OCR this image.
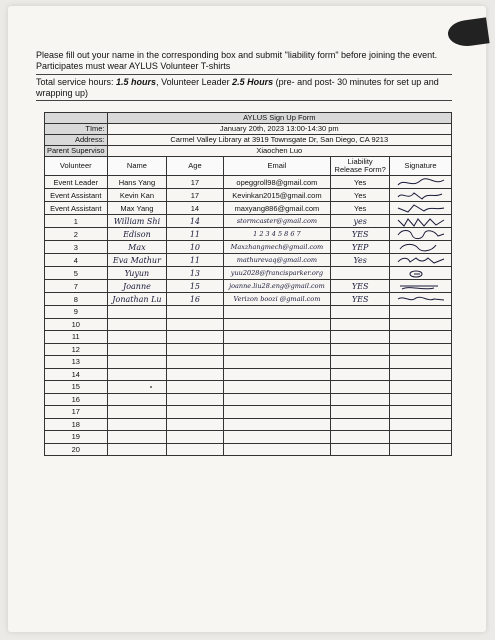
Please fill out your name in the corresponding box and submit "liability form" before joining the event.
Participates must wear AYLUS Volunteer T-shirts
Total service hours: 1.5 hours, Volunteer Leader 2.5 Hours (pre- and post- 30 minutes for set up and wrapping up)
	AYLUS Sign Up Form				
TIme:	January 20th, 2023 13:00-14:30 pm				
Address:	Carmel Valley Library at 3919 Townsgate Dr, San Diego, CA 9213				
Parent Superviso	Xiaochen Luo				
Volunteer	Name	Age	Email	Liability Release Form?	Signature
Event Leader	Hans Yang	17	opeggroll98@gmail.com	Yes	

Event Assistant	Kevin Kan	17	Kevinkan2015@gmail.com	Yes	

Event Assistant	Max Yang	14	maxyang886@gmail.com	Yes	

1	William Shi	14	stormcaster@gmail.com	yes	

2	Edison	11	1 2 3 4 5 8 6 7	YES	

3	Max	10	Maxzhangmech@gmail.com	YEP	

4	Eva Mathur	11	mathurevaq@gmail.com	Yes	

5	Yuyun	13	yuu2028@francisparker.org		

7	Joanne	15	joanne.liu28.eng@gmail.com	YES	

8	Jonathan Lu	16	Verizon boozi @gmail.com	YES	

9					
10					
11					
12					
13					
14					
15					
16					
17					
18					
19					
20					
